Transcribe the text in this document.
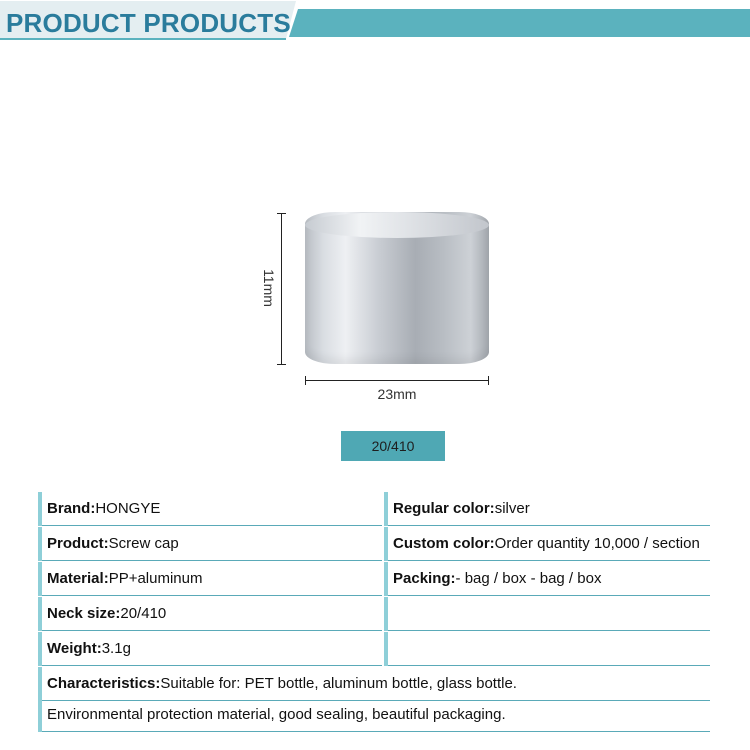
PRODUCT PRODUCTS
11mm
23mm
20/410
Brand:HONGYE	Regular color:silver
Product:Screw cap	Custom color:Order quantity 10,000 / section
Material:PP+aluminum	Packing:- bag / box - bag / box
Neck size:20/410
Weight:3.1g
Characteristics:Suitable for: PET bottle, aluminum bottle, glass bottle.
Environmental protection material, good sealing, beautiful packaging.
